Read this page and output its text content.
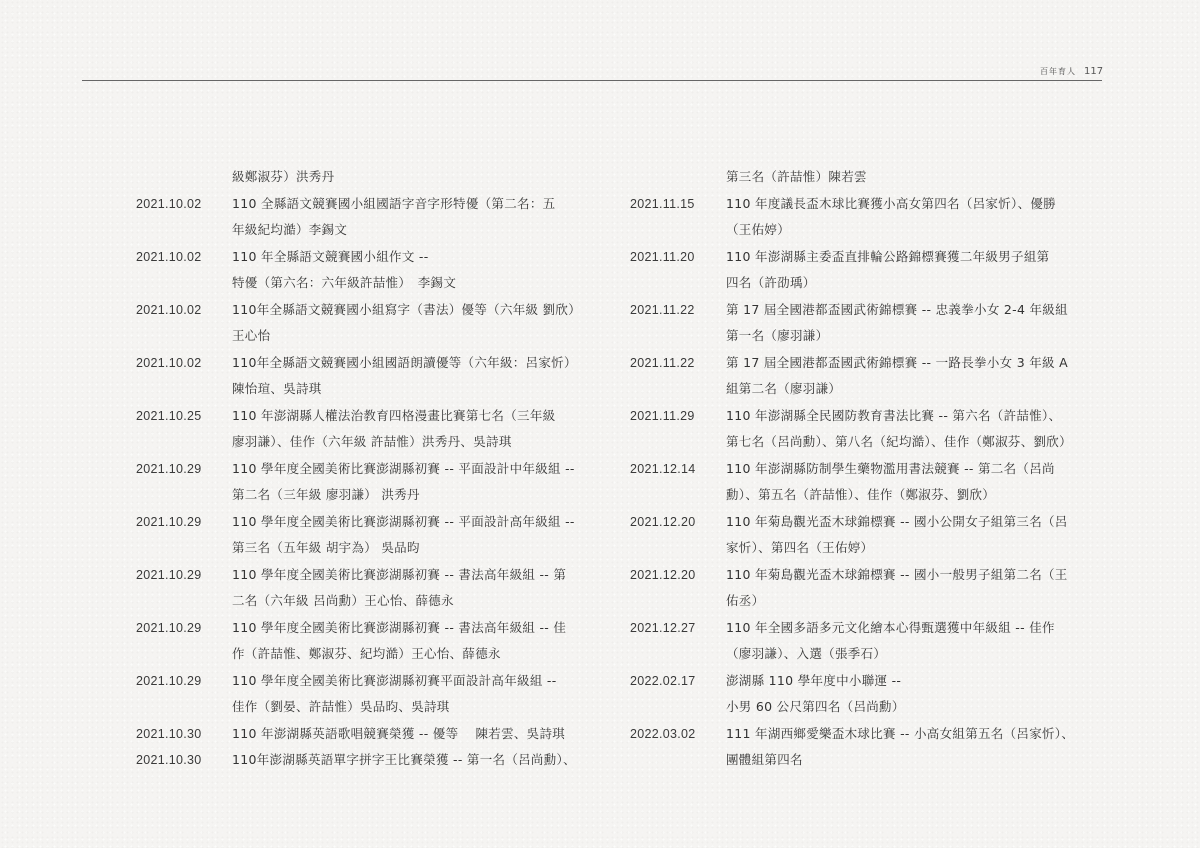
百年育人 117
級鄭淑芬）洪秀丹
2021.10.02	110 全縣語文競賽國小組國語字音字形特優（第二名：五
年級紀均澔）李錫文
2021.10.02	110 年全縣語文競賽國小組作文 --
特優（第六名：六年級許喆惟）　李錫文
2021.10.02	110年全縣語文競賽國小組寫字（書法）優等（六年級 劉欣）
王心怡
2021.10.02	110年全縣語文競賽國小組國語朗讀優等（六年級：呂家忻）
陳怡瑄、吳詩琪
2021.10.25	110 年澎湖縣人權法治教育四格漫畫比賽第七名（三年級
廖羽謙）、佳作（六年級 許喆惟）洪秀丹、吳詩琪
2021.10.29	110 學年度全國美術比賽澎湖縣初賽 -- 平面設計中年級組 --
第二名（三年級 廖羽謙） 洪秀丹
2021.10.29	110 學年度全國美術比賽澎湖縣初賽 -- 平面設計高年級組 --
第三名（五年級 胡宇為） 吳品昀
2021.10.29	110 學年度全國美術比賽澎湖縣初賽 -- 書法高年級組 -- 第
二名（六年級 呂尚勳）王心怡、薛德永
2021.10.29	110 學年度全國美術比賽澎湖縣初賽 -- 書法高年級組 -- 佳
作（許喆惟、鄭淑芬、紀均澔）王心怡、薛德永
2021.10.29	110 學年度全國美術比賽澎湖縣初賽平面設計高年級組 --
佳作（劉晏、許喆惟）吳品昀、吳詩琪
2021.10.30	110 年澎湖縣英語歌唱競賽榮獲 -- 優等　 陳若雲、吳詩琪
2021.10.30	110年澎湖縣英語單字拼字王比賽榮獲 -- 第一名（呂尚勳）、
第三名（許喆惟）陳若雲
2021.11.15	110 年度議長盃木球比賽獲小高女第四名（呂家忻）、優勝
（王佑婷）
2021.11.20	110 年澎湖縣主委盃直排輪公路錦標賽獲二年級男子組第
四名（許劭瑀）
2021.11.22	第 17 屆全國港都盃國武術錦標賽 -- 忠義拳小女 2-4 年級組
第一名（廖羽謙）
2021.11.22	第 17 屆全國港都盃國武術錦標賽 -- 一路長拳小女 3 年級 A
組第二名（廖羽謙）
2021.11.29	110 年澎湖縣全民國防教育書法比賽 -- 第六名（許喆惟）、
第七名（呂尚勳）、第八名（紀均澔）、佳作（鄭淑芬、劉欣）
2021.12.14	110 年澎湖縣防制學生藥物濫用書法競賽 -- 第二名（呂尚
勳）、第五名（許喆惟）、佳作（鄭淑芬、劉欣）
2021.12.20	110 年菊島觀光盃木球錦標賽 -- 國小公開女子組第三名（呂
家忻）、第四名（王佑婷）
2021.12.20	110 年菊島觀光盃木球錦標賽 -- 國小一般男子組第二名（王
佑丞）
2021.12.27	110 年全國多語多元文化繪本心得甄選獲中年級組 -- 佳作
（廖羽謙）、入選（張季石）
2022.02.17	澎湖縣 110 學年度中小聯運 --
小男 60 公尺第四名（呂尚勳）
2022.03.02	111 年湖西鄉愛樂盃木球比賽 -- 小高女組第五名（呂家忻）、
團體組第四名
